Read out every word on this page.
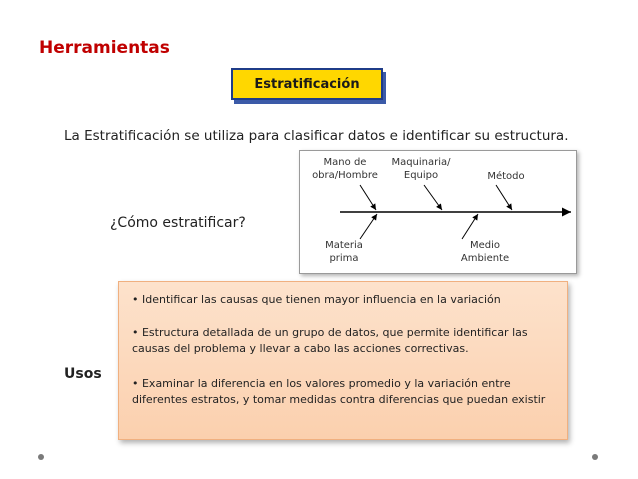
Herramientas
Estratificación
La Estratificación se utiliza para clasificar datos e identificar su estructura.
Mano de
obra/Hombre
Maquinaria/
Equipo	Método
Materia
prima
Medio
Ambiente
¿Cómo estratificar?
Usos
• Identificar las causas que tienen mayor influencia en la variación
• Estructura detallada de un grupo de datos, que permite identificar las causas del problema y llevar a cabo las acciones correctivas.
• Examinar la diferencia en los valores promedio y la variación entre diferentes estratos, y tomar medidas contra diferencias que puedan existir
